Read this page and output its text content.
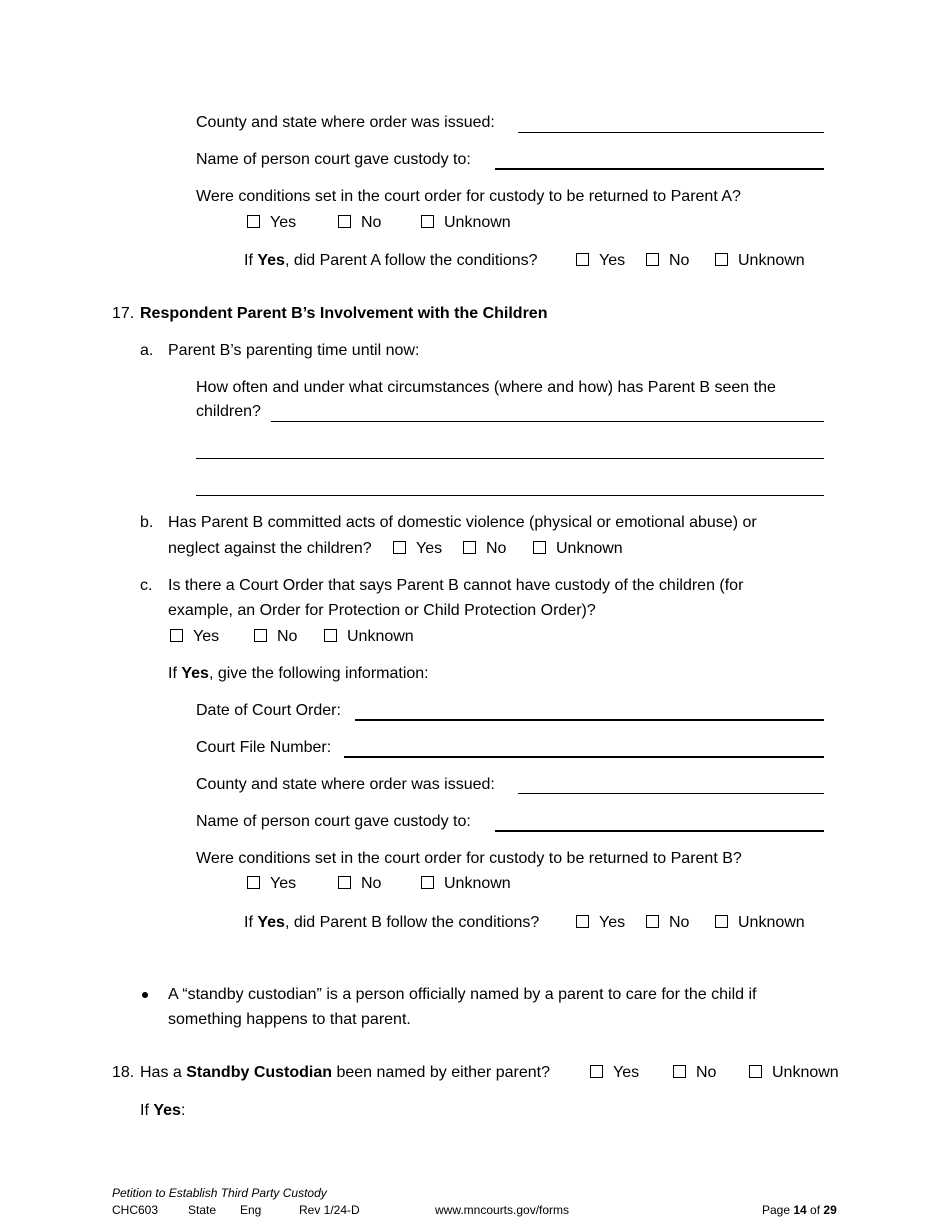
County and state where order was issued:
Name of person court gave custody to:
Were conditions set in the court order for custody to be returned to Parent A?
Yes	No	Unknown
If Yes, did Parent A follow the conditions?	Yes	No	Unknown
17. Respondent Parent B’s Involvement with the Children
a. Parent B’s parenting time until now:
How often and under what circumstances (where and how) has Parent B seen the
children?
b. Has Parent B committed acts of domestic violence (physical or emotional abuse) or
neglect against the children?	Yes	No	Unknown
c. Is there a Court Order that says Parent B cannot have custody of the children (for
example, an Order for Protection or Child Protection Order)?
Yes	No	Unknown
If Yes, give the following information:
Date of Court Order:
Court File Number:
County and state where order was issued:
Name of person court gave custody to:
Were conditions set in the court order for custody to be returned to Parent B?
Yes	No	Unknown
If Yes, did Parent B follow the conditions?	Yes	No	Unknown
A “standby custodian” is a person officially named by a parent to care for the child if
something happens to that parent.
18. Has a Standby Custodian been named by either parent?	Yes	No	Unknown
If Yes:
Petition to Establish Third Party Custody
CHC603 State Eng	Rev 1/24-D	www.mncourts.gov/forms	Page 14 of 29
